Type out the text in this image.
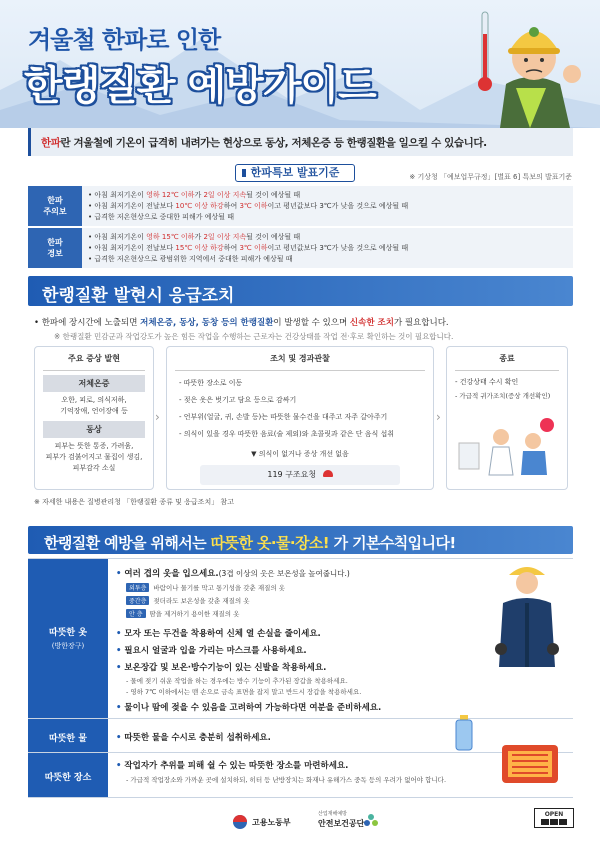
겨울철 한파로 인한
한랭질환 예방가이드
한파란 겨울철에 기온이 급격히 내려가는 현상으로 동상, 저체온증 등 한랭질환을 일으킬 수 있습니다.
한파특보 발표기준	※ 기상청 「예보업무규정」[별표 6] 특보의 발표기준
한파
주의보
• 아침 최저기온이 영하 12℃ 이하가 2일 이상 지속될 것이 예상될 때
• 아침 최저기온이 전날보다 10℃ 이상 하강하여 3℃ 이하이고 평년값보다 3℃가 낮을 것으로 예상될 때
• 급격한 저온현상으로 중대한 피해가 예상될 때
한파
경보
• 아침 최저기온이 영하 15℃ 이하가 2일 이상 지속될 것이 예상될 때
• 아침 최저기온이 전날보다 15℃ 이상 하강하여 3℃ 이하이고 평년값보다 3℃가 낮을 것으로 예상될 때
• 급격한 저온현상으로 광범위한 지역에서 중대한 피해가 예상될 때
한랭질환 발현시 응급조치
• 한파에 장시간에 노출되면 저체온증, 동상, 동창 등의 한랭질환이 발생할 수 있으며 신속한 조치가 필요합니다.
※ 한랭질환 민감군과 작업강도가 높은 힘든 작업을 수행하는 근로자는 건강상태를 작업 전·후로 확인하는 것이 필요합니다.
주요 증상 발현
저체온증
오한, 피로, 의식저하,
기억장애, 언어장애 등
동상
피부는 뜻한 통증, 가려움,
피부가 검붉어지고 물집이 생김,
피부감각 소실
›
조치 및 경과관찰
- 따뜻한 장소로 이동
- 젖은 옷은 벗기고 담요 등으로 감싸기
- 언부위(얼굴, 귀, 손발 등)는 따뜻한 물수건을 대주고 자주 갈아주기
- 의식이 있을 경우 따뜻한 음료(술 제외)와 초콜릿과 같은 단 음식 섭취
▼ 의식이 없거나 증상 개선 없음
119 구조요청
›
종료
- 건강상태 수시 확인
- 가급적 귀가조치(증상 개선확인)
※ 자세한 내용은 질병관리청 「한랭질환 종류 및 응급조치」 참고
한랭질환 예방을 위해서는 따뜻한 옷·물·장소! 가 기본수칙입니다!
따뜻한 옷
(방한장구)
• 여러 겹의 옷을 입으세요.(3겹 이상의 옷은 보온성을 높여줍니다.)
외투층 바람이나 물기를 막고 통기성을 갖춘 재질의 옷
중간층 젖더라도 보온성을 갖춘 재질의 옷
안 층 땀을 제거하기 용이한 재질의 옷
• 모자 또는 두건을 착용하여 신체 열 손실을 줄이세요.
• 필요시 얼굴과 입을 가리는 마스크를 사용하세요.
• 보온장갑 및 보온·방수기능이 있는 신발을 착용하세요.
- 물에 젖기 쉬운 작업을 하는 경우에는 방수 기능이 추가된 장갑을 착용하세요.
- 영하 7℃ 이하에서는 맨 손으로 금속 표면을 잡지 말고 반드시 장갑을 착용하세요.
• 물이나 땀에 젖을 수 있음을 고려하여 가능하다면 여분을 준비하세요.
따뜻한 물
•	따뜻한 물을 수시로 충분히 섭취하세요.
따뜻한 장소
• 작업자가 추위를 피해 쉴 수 있는 따뜻한 장소를 마련하세요.
- 가급적 작업장소와 가까운 곳에 설치하되, 히터 등 난방장치는 화재나 유해가스 중독 등의 우려가 없어야 합니다.
고용노동부
산업재해예방
안전보건공단
OPEN
